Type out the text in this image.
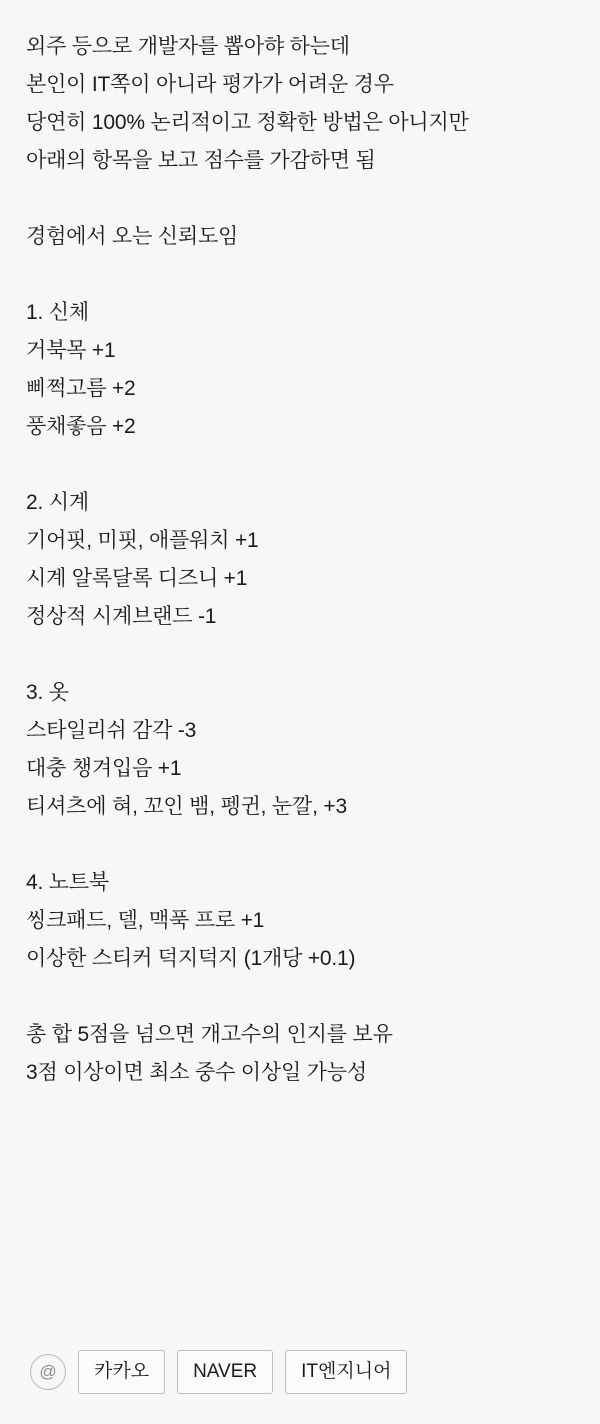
외주 등으로 개발자를 뽑아햐 하는데
본인이 IT쪽이 아니라 평가가 어려운 경우
당연히 100% 논리적이고 정확한 방법은 아니지만
아래의 항목을 보고 점수를 가감하면 됨
경험에서 오는 신뢰도임
1. 신체
거북목 +1
삐쩍고름 +2
풍채좋음 +2
2. 시계
기어핏, 미핏, 애플워치 +1
시계 알록달록 디즈니 +1
정상적 시계브랜드 -1
3. 옷
스타일리쉬 감각 -3
대충 챙겨입음 +1
티셔츠에 혀, 꼬인 뱀, 펭귄, 눈깔, +3
4. 노트북
씽크패드, 델, 맥푹 프로 +1
이상한 스티커 덕지덕지 (1개당 +0.1)
총 합 5점을 넘으면 개고수의 인지를 보유
3점 이상이면 최소 중수 이상일 가능성
@	카카오	NAVER	IT엔지니어
